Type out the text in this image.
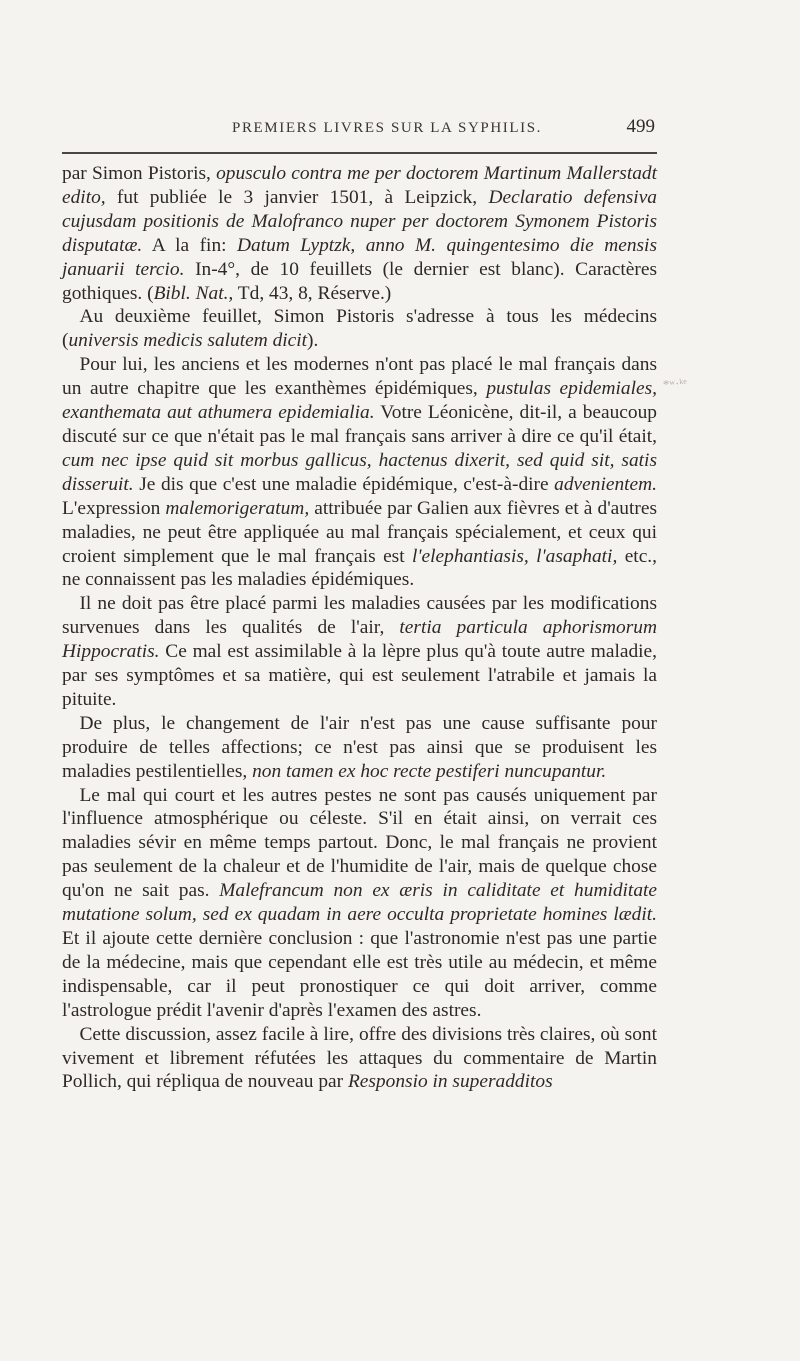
PREMIERS LIVRES SUR LA SYPHILIS.	499
*ʷ·ᵏᵉ

par Simon Pistoris, opusculo contra me per doctorem Martinum Mallerstadt edito, fut publiée le 3 janvier 1501, à Leipzick, Declaratio defensiva cujusdam positionis de Malofranco nuper per doctorem Symonem Pistoris disputatæ. A la fin: Datum Lyptzk, anno M. quingentesimo die mensis januarii tercio. In-4°, de 10 feuillets (le dernier est blanc). Caractères gothiques. (Bibl. Nat., Td, 43, 8, Réserve.)

Au deuxième feuillet, Simon Pistoris s'adresse à tous les médecins (universis medicis salutem dicit).

Pour lui, les anciens et les modernes n'ont pas placé le mal français dans un autre chapitre que les exanthèmes épidémiques, pustulas epidemiales, exanthemata aut athumera epidemialia. Votre Léonicène, dit-il, a beaucoup discuté sur ce que n'était pas le mal français sans arriver à dire ce qu'il était, cum nec ipse quid sit morbus gallicus, hactenus dixerit, sed quid sit, satis disseruit. Je dis que c'est une maladie épidémique, c'est-à-dire advenientem. L'expression malemorigeratum, attribuée par Galien aux fièvres et à d'autres maladies, ne peut être appliquée au mal français spécialement, et ceux qui croient simplement que le mal français est l'elephantiasis, l'asaphati, etc., ne connaissent pas les maladies épidémiques.

Il ne doit pas être placé parmi les maladies causées par les modifications survenues dans les qualités de l'air, tertia particula aphorismorum Hippocratis. Ce mal est assimilable à la lèpre plus qu'à toute autre maladie, par ses symptômes et sa matière, qui est seulement l'atrabile et jamais la pituite.

De plus, le changement de l'air n'est pas une cause suffisante pour produire de telles affections; ce n'est pas ainsi que se produisent les maladies pestilentielles, non tamen ex hoc recte pestiferi nuncupantur.

Le mal qui court et les autres pestes ne sont pas causés uniquement par l'influence atmosphérique ou céleste. S'il en était ainsi, on verrait ces maladies sévir en même temps partout. Donc, le mal français ne provient pas seulement de la chaleur et de l'humidite de l'air, mais de quelque chose qu'on ne sait pas. Malefrancum non ex æris in caliditate et humiditate mutatione solum, sed ex quadam in aere occulta proprietate homines lædit. Et il ajoute cette dernière conclusion : que l'astronomie n'est pas une partie de la médecine, mais que cependant elle est très utile au médecin, et même indispensable, car il peut pronostiquer ce qui doit arriver, comme l'astrologue prédit l'avenir d'après l'examen des astres.

Cette discussion, assez facile à lire, offre des divisions très claires, où sont vivement et librement réfutées les attaques du commentaire de Martin Pollich, qui répliqua de nouveau par Responsio in superadditos
